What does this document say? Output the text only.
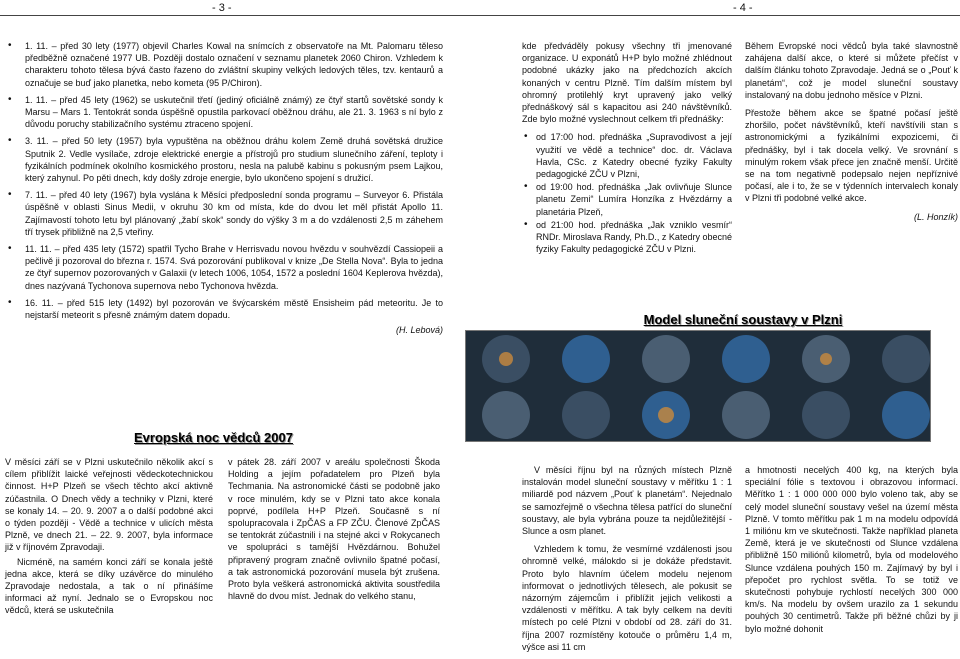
- 3 -	- 4 -
• 1. 11. – před 30 lety (1977) objevil Charles Kowal na snímcích z observatoře na Mt. Palomaru těleso předběžně označené 1977 UB. Později dostalo označení v seznamu planetek 2060 Chiron. Vzhledem k charakteru tohoto tělesa bývá často řazeno do zvláštní skupiny velkých ledových těles, tzv. kentaurů a označuje se buď jako planetka, nebo kometa (95 P/Chiron).
• 1. 11. – před 45 lety (1962) se uskutečnil třetí (jediný oficiálně známý) ze čtyř startů sovětské sondy k Marsu – Mars 1. Tentokrát sonda úspěšně opustila parkovací oběžnou dráhu, ale 21. 3. 1963 s ní bylo z důvodu poruchy stabilizačního systému ztraceno spojení.
• 3. 11. – před 50 lety (1957) byla vypuštěna na oběžnou dráhu kolem Země druhá sovětská družice Sputnik 2. Vedle vysílače, zdroje elektrické energie a přístrojů pro studium slunečního záření, teploty i fyzikálních podmínek okolního kosmického prostoru, nesla na palubě kabinu s pokusným psem Lajkou, který zahynul. Po pěti dnech, kdy došly zdroje energie, bylo ukončeno spojení s družicí.
• 7. 11. – před 40 lety (1967) byla vyslána k Měsíci předposlední sonda programu – Surveyor 6. Přistála úspěšně v oblasti Sinus Medii, v okruhu 30 km od místa, kde do dvou let měl přistát Apollo 11. Zajímavostí tohoto letu byl plánovaný „žabí skok“ sondy do výšky 3 m a do vzdálenosti 2,5 m záhehem tří trysek přibližně na 2,5 vteřiny.
• 11. 11. – před 435 lety (1572) spatřil Tycho Brahe v Herrisvadu novou hvězdu v souhvězdí Cassiopeii a pečlivě ji pozoroval do března r. 1574. Svá pozorování publikoval v knize „De Stella Nova“. Byla to jedna ze čtyř supernov pozorovaných v Galaxii (v letech 1006, 1054, 1572 a poslední 1604 Keplerova hvězda), dnes nazývaná Tychonova supernova nebo Tychonova hvězda.
• 16. 11. – před 515 lety (1492) byl pozorován ve švýcarském městě Ensisheim pád meteoritu. Je to nejstarší meteorit s přesně známým datem dopadu.
(H. Lebová)

kde předváděly pokusy všechny tři jmenované organizace. U exponátů H+P bylo možné zhlédnout podobné ukázky jako na předchozích akcích konaných v centru Plzně. Tím dalším místem byl ohromný protilehlý kryt upravený jako velký přednáškový sál s kapacitou asi 240 návštěvníků. Zde bylo možné vyslechnout celkem tři přednášky:

• od 17:00 hod. přednáška „Supravodivost a její využití ve vědě a technice“ doc. dr. Václava Havla, CSc. z Katedry obecné fyziky Fakulty pedagogické ZČU v Plzni,
• od 19:00 hod. přednáška „Jak ovlivňuje Slunce planetu Zemi“ Lumíra Honzíka z Hvězdárny a planetária Plzeň,
• od 21:00 hod. přednáška „Jak vzniklo vesmír“ RNDr. Miroslava Randy, Ph.D., z Katedry obecné fyziky Fakulty pedagogické ZČU v Plzni.

Během Evropské noci vědců byla také slavnostně zahájena další akce, o které si můžete přečíst v dalším článku tohoto Zpravodaje. Jedná se o „Pouť k planetám“, což je model sluneční soustavy instalovaný na dobu jednoho měsíce v Plzni.

Přestože během akce se špatné počasí ještě zhoršilo, počet návštěvníků, kteří navštívili stan s astronomickými a fyzikálními expozicemi, či přednášky, byl i tak docela velký. Ve srovnání s minulým rokem však přece jen značně menší. Určitě se na tom negativně podepsalo nejen nepříznivé počasí, ale i to, že se v týdenních intervalech konaly v Plzni tři podobné velké akce.

(L. Honzík)
Model sluneční soustavy v Plzni
Evropská noc vědců 2007

V měsíci září se v Plzni uskutečnilo několik akcí s cílem přiblížit laické veřejnosti vědeckotechnickou činnost. H+P Plzeň se všech těchto akcí aktivně zúčastnila. O Dnech vědy a techniky v Plzni, které se konaly 14. – 20. 9. 2007 a o další podobné akci o týden později - Vědě a technice v ulicích města Plzně, ve dnech 21. – 22. 9. 2007, byla informace již v říjnovém Zpravodaji.

Nicméně, na samém konci září se konala ještě jedna akce, která se díky uzávěrce do minulého Zpravodaje nedostala, a tak o ní přinášíme informaci až nyní. Jednalo se o Evropskou noc vědců, která se uskutečnila

v pátek 28. září 2007 v areálu společnosti Škoda Holding a jejím pořadatelem pro Plzeň byla Techmania. Na astronomické části se podobně jako v roce minulém, kdy se v Plzni tato akce konala poprvé, podílela H+P Plzeň. Současně s ní spolupracovala i ZpČAS a FP ZČU. Členové ZpČAS se tentokrát zúčastnili i na stejné akci v Rokycanech ve spolupráci s tamější Hvězdárnou. Bohužel připravený program značně ovlivnilo špatné počasí, a tak astronomická pozorování musela být zrušena. Proto byla veškerá astronomická aktivita soustředila hlavně do dvou míst. Jednak do velkého stanu,

V měsíci říjnu byl na různých místech Plzně instalován model sluneční soustavy v měřítku 1 : 1 miliardě pod názvem „Pouť k planetám“. Nejednalo se samozřejmě o všechna tělesa patřící do sluneční soustavy, ale byla vybrána pouze ta nejdůležitější - Slunce a osm planet.

Vzhledem k tomu, že vesmírné vzdálenosti jsou ohromně velké, málokdo si je dokáže představit. Proto bylo hlavním účelem modelu nejenom informovat o jednotlivých tělesech, ale pokusit se názorným zájemcům i přiblížit jejich velikosti a vzdálenosti v měřítku. A tak byly celkem na devíti místech po celé Plzni v období od 28. září do 31. října 2007 rozmístěny kotouče o průměru 1,4 m, výšce asi 11 cm

a hmotnosti necelých 400 kg, na kterých byla speciální fólie s textovou i obrazovou informací. Měřítko 1 : 1 000 000 000 bylo voleno tak, aby se celý model sluneční soustavy vešel na území města Plzně. V tomto měřítku pak 1 m na modelu odpovídá 1 miliónu km ve skutečnosti. Takže například planeta Země, která je ve skutečnosti od Slunce vzdálena přibližně 150 miliónů kilometrů, byla od modelového Slunce vzdálena pouhých 150 m. Zajímavý by byl i přepočet pro rychlost světla. To se totiž ve skutečnosti pohybuje rychlostí necelých 300 000 km/s. Na modelu by ovšem urazilo za 1 sekundu pouhých 30 centimetrů. Takže při běžné chůzi by ji bylo možné dohonit
